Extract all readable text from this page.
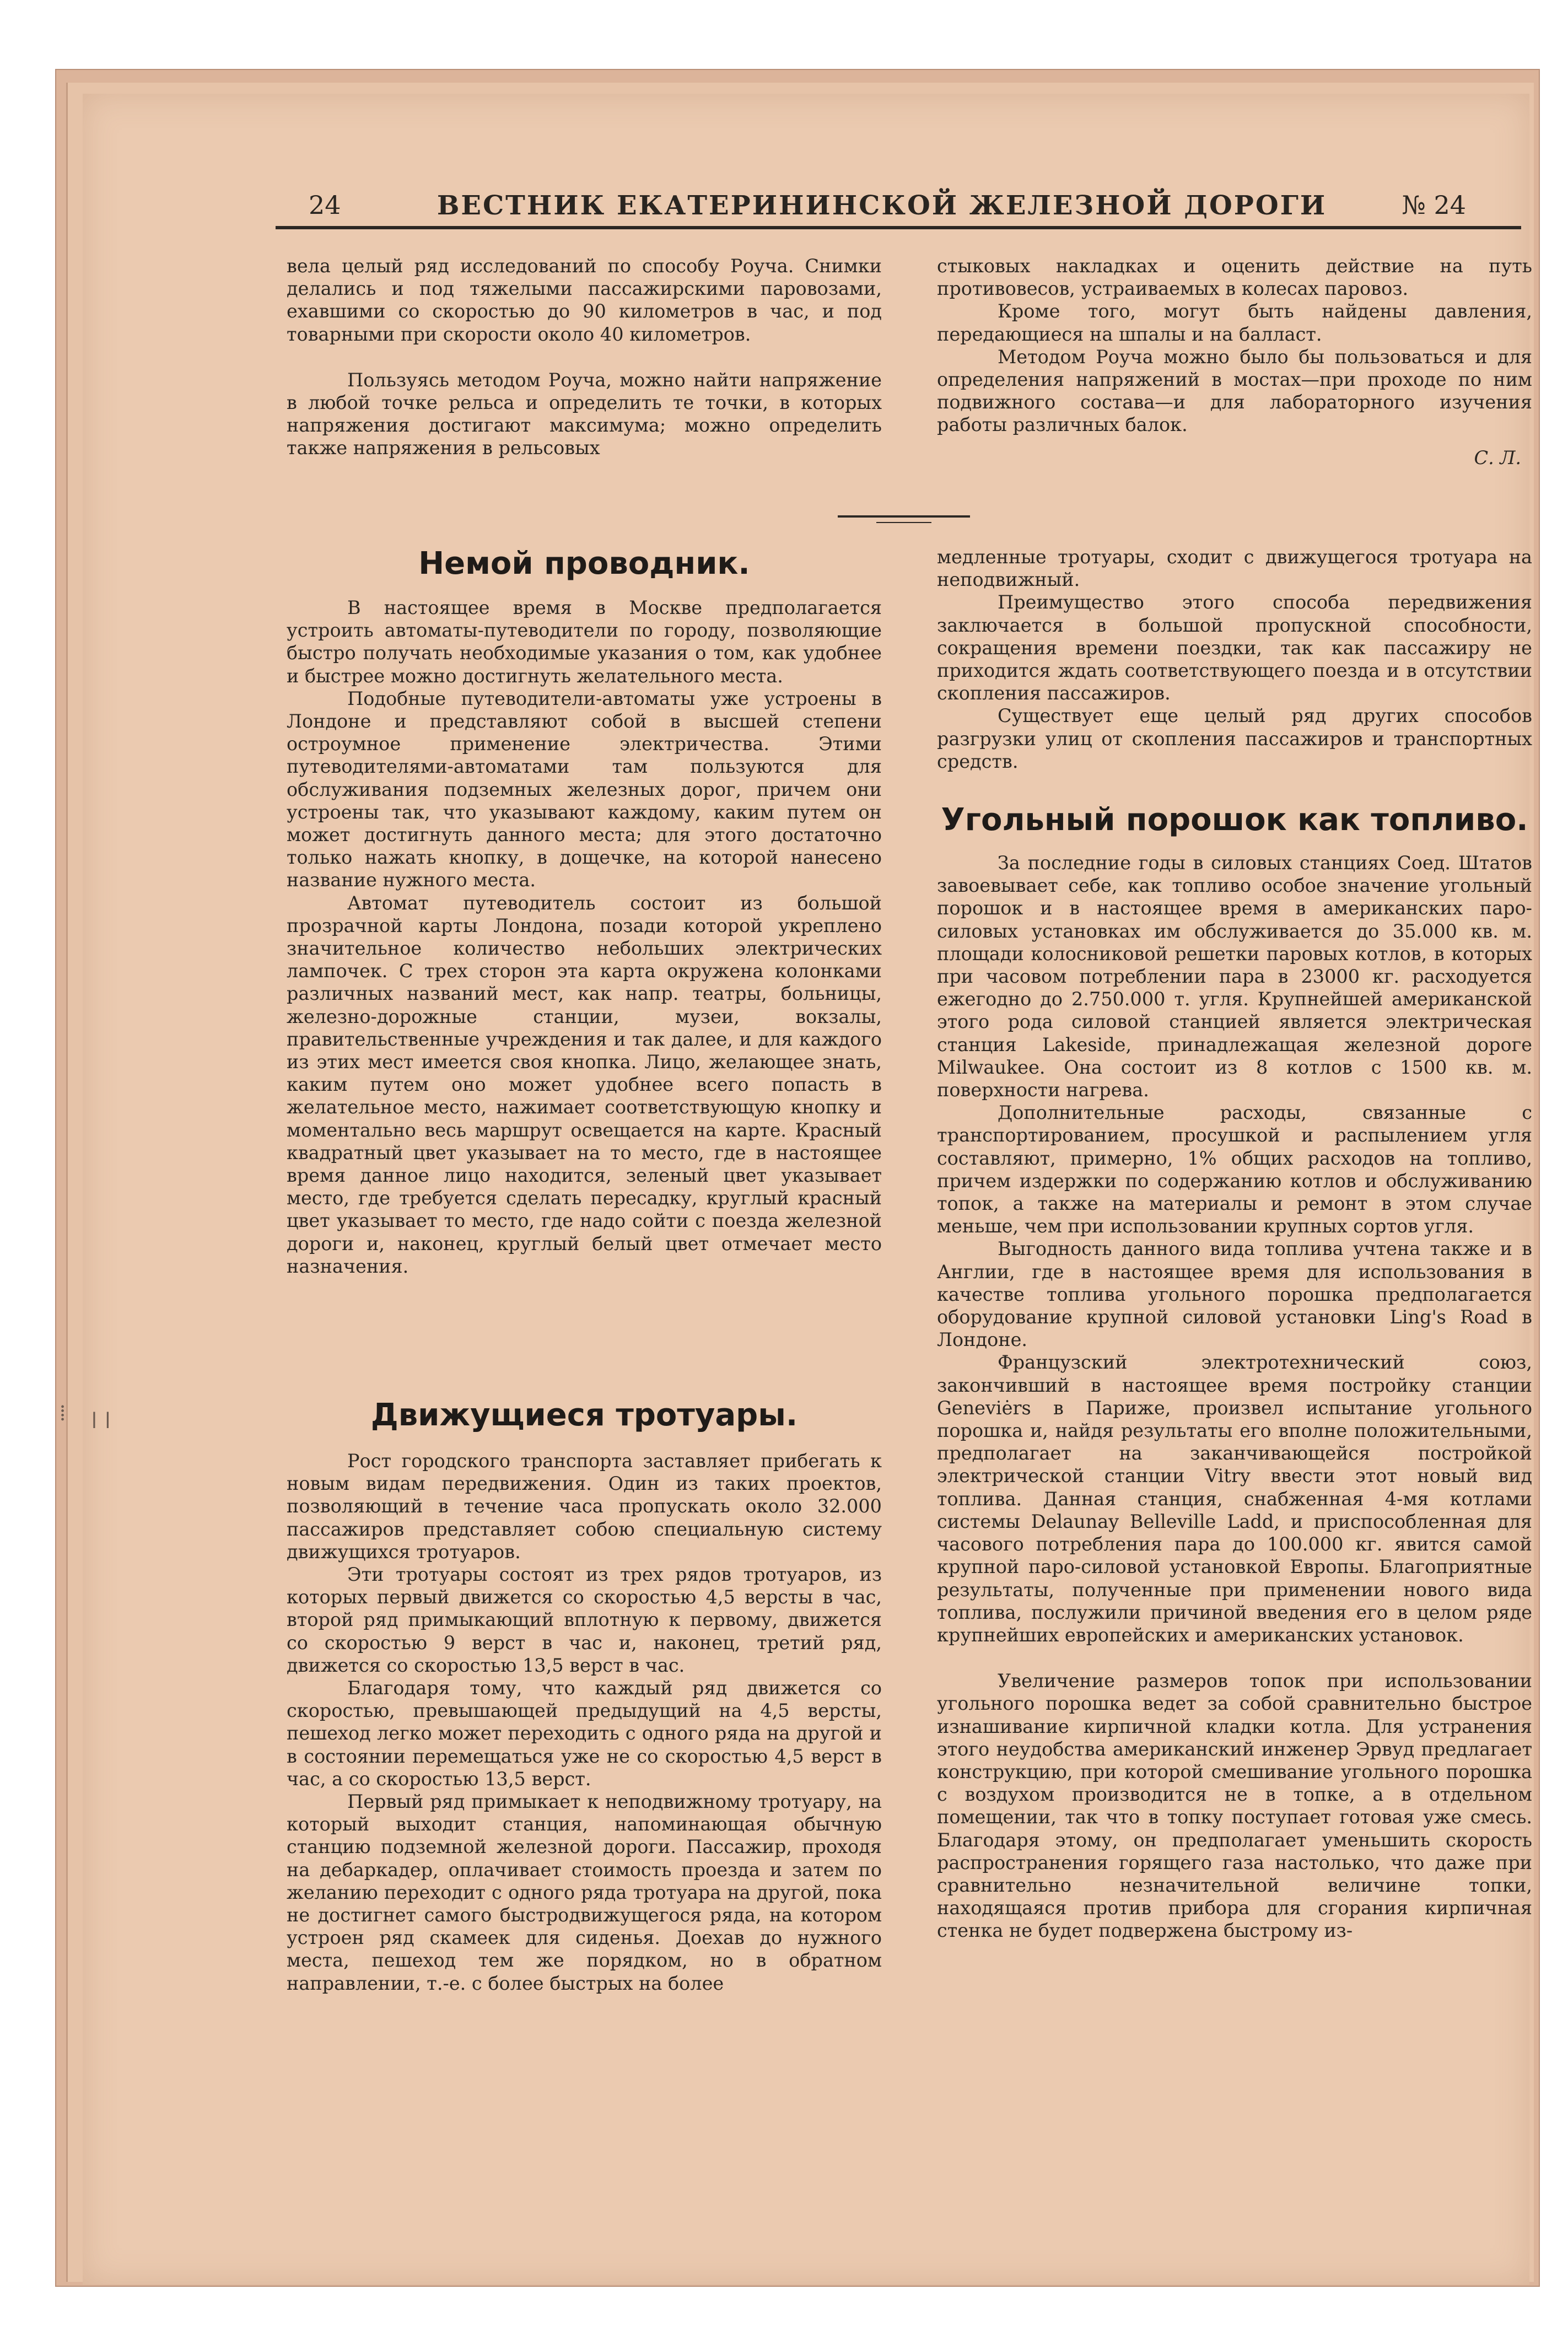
24	ВЕСТНИК ЕКАТЕРИНИНСКОЙ ЖЕЛЕЗНОЙ ДОРОГИ	№ 24

вела целый ряд исследований по способу Роуча. Снимки делались и под тяжелыми пассажирскими паровозами, ехавшими со скоростью до 90 километров в час, и под товарными при скорости около 40 километров.

Пользуясь методом Роуча, можно найти напряжение в любой точке рельса и определить те точки, в которых напряжения достигают максимума; можно определить также напряжения в рельсовых

стыковых накладках и оценить действие на путь противовесов, устраиваемых в колесах паровоз.

Кроме того, могут быть найдены давления, передающиеся на шпалы и на балласт.

Методом Роуча можно было бы пользоваться и для определения напряжений в мостах—при проходе по ним подвижного состава—и для лабораторного изучения работы различных балок.

С. Л.
Немой проводник.

В настоящее время в Москве предполагается устроить автоматы-путеводители по городу, позволяющие быстро получать необходимые указания о том, как удобнее и быстрее можно достигнуть желательного места.

Подобные путеводители-автоматы уже устроены в Лондоне и представляют собой в высшей степени остроумное применение электричества. Этими путеводителями-автоматами там пользуются для обслуживания подземных железных дорог, причем они устроены так, что указывают каждому, каким путем он может достигнуть данного места; для этого достаточно только нажать кнопку, в дощечке, на которой нанесено название нужного места.

Автомат путеводитель состоит из большой прозрачной карты Лондона, позади которой укреплено значительное количество небольших электрических лампочек. С трех сторон эта карта окружена колонками различных названий мест, как напр. театры, больницы, железно-дорожные станции, музеи, вокзалы, правительственные учреждения и так далее, и для каждого из этих мест имеется своя кнопка. Лицо, желающее знать, каким путем оно может удобнее всего попасть в желательное место, нажимает соответствующую кнопку и моментально весь маршрут освещается на карте. Красный квадратный цвет указывает на то место, где в настоящее время данное лицо находится, зеленый цвет указывает место, где требуется сделать пересадку, круглый красный цвет указывает то место, где надо сойти с поезда железной дороги и, наконец, круглый белый цвет отмечает место назначения.

Движущиеся тротуары.

Рост городского транспорта заставляет прибегать к новым видам передвижения. Один из таких проектов, позволяющий в течение часа пропускать около 32.000 пассажиров представляет собою специальную систему движущихся тротуаров.

Эти тротуары состоят из трех рядов тротуаров, из которых первый движется со скоростью 4,5 версты в час, второй ряд примыкающий вплотную к первому, движется со скоростью 9 верст в час и, наконец, третий ряд, движется со скоростью 13,5 верст в час.

Благодаря тому, что каждый ряд движется со скоростью, превышающей предыдущий на 4,5 версты, пешеход легко может переходить с одного ряда на другой и в состоянии перемещаться уже не со скоростью 4,5 верст в час, а со скоростью 13,5 верст.

Первый ряд примыкает к неподвижному тротуару, на который выходит станция, напоминающая обычную станцию подземной железной дороги. Пассажир, проходя на дебаркадер, оплачивает стоимость проезда и затем по желанию переходит с одного ряда тротуара на другой, пока не достигнет самого быстродвижущегося ряда, на котором устроен ряд скамеек для сиденья. Доехав до нужного места, пешеход тем же порядком, но в обратном направлении, т.-е. с более быстрых на более

медленные тротуары, сходит с движущегося тротуара на неподвижный.

Преимущество этого способа передвижения заключается в большой пропускной способности, сокращения времени поездки, так как пассажиру не приходится ждать соответствующего поезда и в отсутствии скопления пассажиров.

Существует еще целый ряд других способов разгрузки улиц от скопления пассажиров и транспортных средств.

Угольный порошок как топливо.

За последние годы в силовых станциях Соед. Штатов завоевывает себе, как топливо особое значение угольный порошок и в настоящее время в американских паро-силовых установках им обслуживается до 35.000 кв. м. площади колосниковой решетки паровых котлов, в которых при часовом потреблении пара в 23000 кг. расходуется ежегодно до 2.750.000 т. угля. Крупнейшей американской этого рода силовой станцией является электрическая станция Lakeside, принадлежащая железной дороге Milwaukee. Она состоит из 8 котлов с 1500 кв. м. поверхности нагрева.

Дополнительные расходы, связанные с транспортированием, просушкой и распылением угля составляют, примерно, 1% общих расходов на топливо, причем издержки по содержанию котлов и обслуживанию топок, а также на материалы и ремонт в этом случае меньше, чем при использовании крупных сортов угля.

Выгодность данного вида топлива учтена также и в Англии, где в настоящее время для использования в качестве топлива угольного порошка предполагается оборудование крупной силовой установки Ling's Road в Лондоне.

Французский электротехнический союз, закончивший в настоящее время постройку станции Geneviėrs в Париже, произвел испытание угольного порошка и, найдя результаты его вполне положительными, предполагает на заканчивающейся постройкой электрической станции Vitry ввести этот новый вид топлива. Данная станция, снабженная 4-мя котлами системы Delaunay Belleville Ladd, и приспособленная для часового потребления пара до 100.000 кг. явится самой крупной паро-силовой установкой Европы. Благоприятные результаты, полученные при применении нового вида топлива, послужили причиной введения его в целом ряде крупнейших европейских и американских установок.

Увеличение размеров топок при использовании угольного порошка ведет за собой сравнительно быстрое изнашивание кирпичной кладки котла. Для устранения этого неудобства американский инженер Эрвуд предлагает конструкцию, при которой смешивание угольного порошка с воздухом производится не в топке, а в отдельном помещении, так что в топку поступает готовая уже смесь. Благодаря этому, он предполагает уменьшить скорость распространения горящего газа настолько, что даже при сравнительно незначительной величине топки, находящаяся против прибора для сгорания кирпичная стенка не будет подвержена быстрому из-

⁞ ǀ ǀ
